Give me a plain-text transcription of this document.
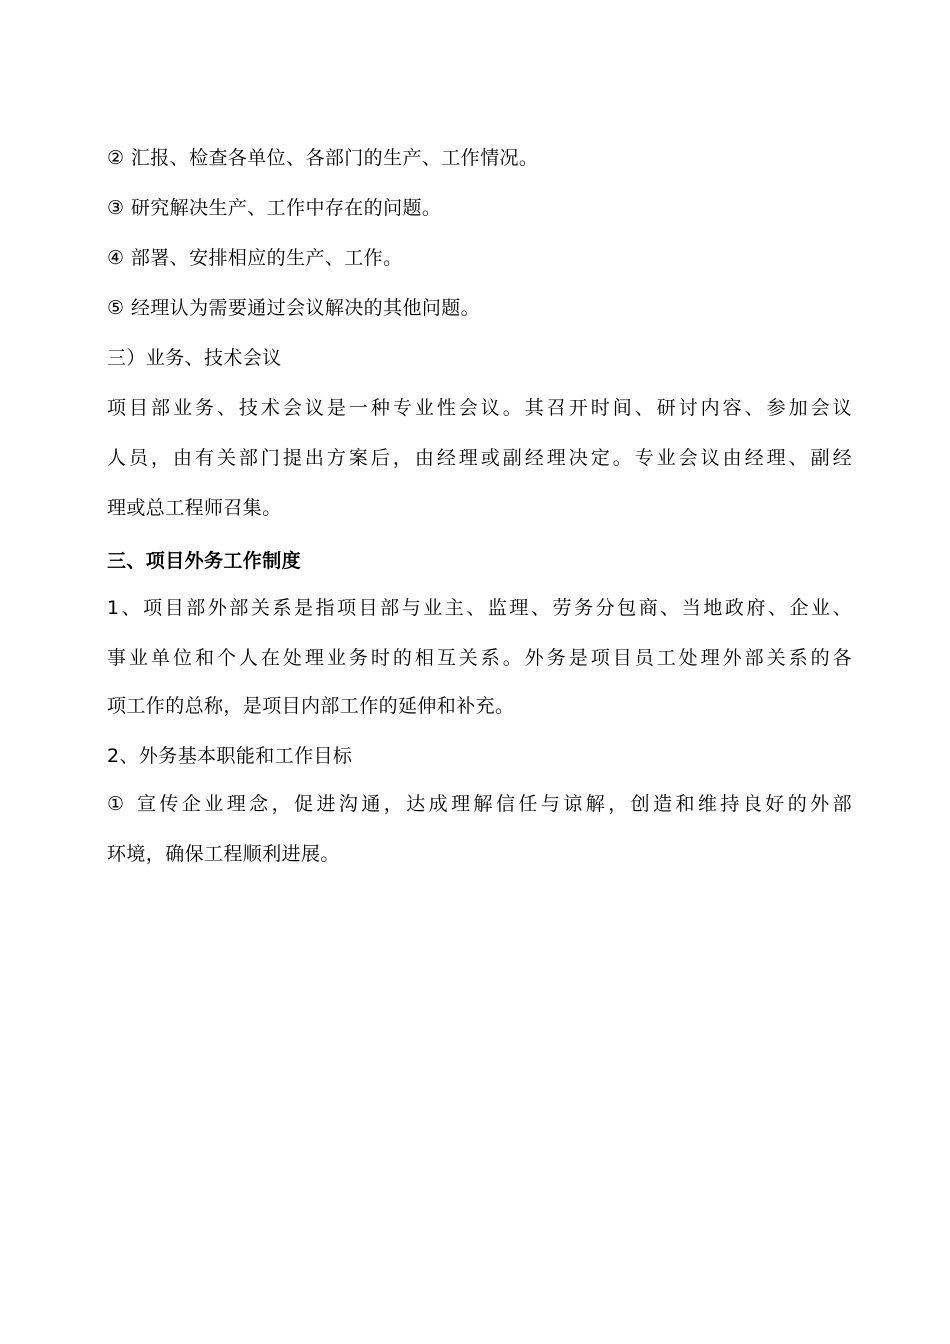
② 汇报、检查各单位、各部门的生产、工作情况。
③ 研究解决生产、工作中存在的问题。
④ 部署、安排相应的生产、工作。
⑤ 经理认为需要通过会议解决的其他问题。
三）业务、技术会议
项目部业务、技术会议是一种专业性会议。其召开时间、研讨内容、参加会议
人员，由有关部门提出方案后，由经理或副经理决定。专业会议由经理、副经
理或总工程师召集。
三、项目外务工作制度
1、项目部外部关系是指项目部与业主、监理、劳务分包商、当地政府、企业、
事业单位和个人在处理业务时的相互关系。外务是项目员工处理外部关系的各
项工作的总称，是项目内部工作的延伸和补充。
2、外务基本职能和工作目标
① 宣传企业理念，促进沟通，达成理解信任与谅解，创造和维持良好的外部
环境，确保工程顺利进展。
